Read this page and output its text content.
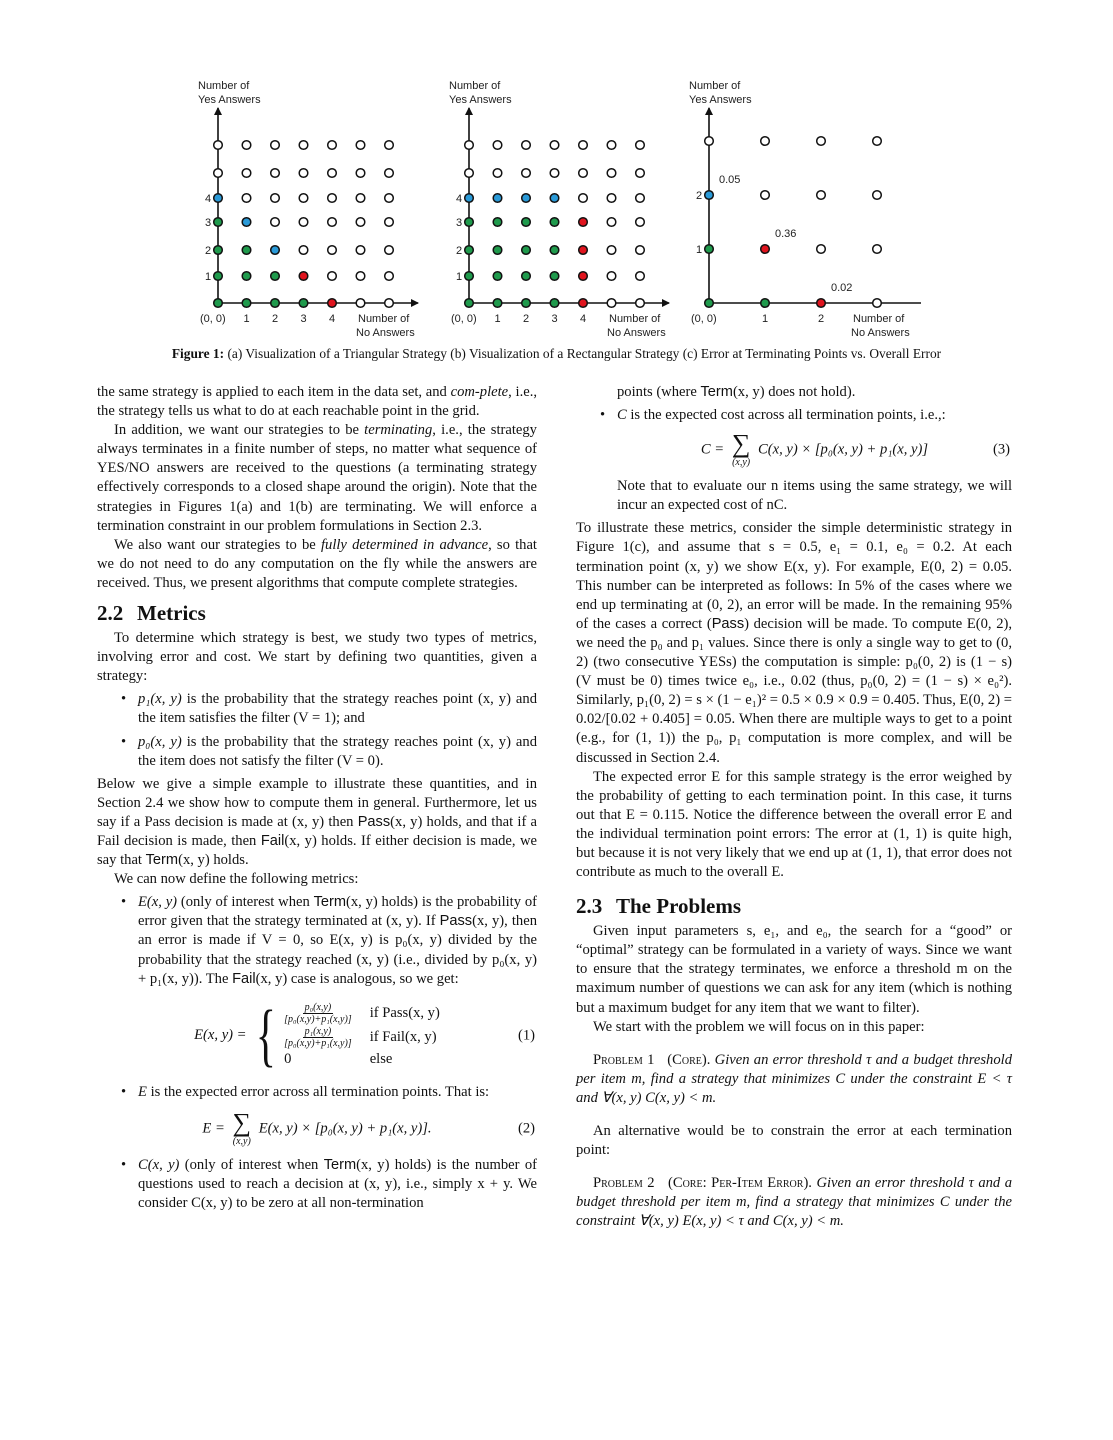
Number of
Yes Answers
Number of
No Answers
(0, 0) 1 2 3 4
1
2
3
4
Number of
Yes Answers
Number of
No Answers
(0, 0) 1 2 3 4
1
2
3
4
Number of
Yes Answers
Number of
No Answers
(0, 0)	1	2
1
2
0.05
0.36
0.02
Figure 1: (a) Visualization of a Triangular Strategy (b) Visualization of a Rectangular Strategy (c) Error at Terminating Points vs. Overall Error

the same strategy is applied to each item in the data set, and com-plete, i.e., the strategy tells us what to do at each reachable point in the grid.

In addition, we want our strategies to be terminating, i.e., the strategy always terminates in a finite number of steps, no matter what sequence of YES/NO answers are received to the questions (a terminating strategy effectively corresponds to a closed shape around the origin). Note that the strategies in Figures 1(a) and 1(b) are terminating. We will enforce a termination constraint in our problem formulations in Section 2.3.

We also want our strategies to be fully determined in advance, so that we do not need to do any computation on the fly while the answers are received. Thus, we present algorithms that compute complete strategies.

2.2 Metrics

To determine which strategy is best, we study two types of metrics, involving error and cost. We start by defining two quantities, given a strategy:

• p₁(x, y) is the probability that the strategy reaches point (x, y) and the item satisfies the filter (V = 1); and
• p₀(x, y) is the probability that the strategy reaches point (x, y) and the item does not satisfy the filter (V = 0).

Below we give a simple example to illustrate these quantities, and in Section 2.4 we show how to compute them in general. Furthermore, let us say if a Pass decision is made at (x, y) then Pass(x, y) holds, and that if a Fail decision is made, then Fail(x, y) holds. If either decision is made, we say that Term(x, y) holds.

We can now define the following metrics:

• E(x, y) (only of interest when Term(x, y) holds) is the probability of error given that the strategy terminated at (x, y). If Pass(x, y), then an error is made if V = 0, so E(x, y) is p₀(x, y) divided by the probability that the strategy reached (x, y) (i.e., divided by p₀(x, y) + p₁(x, y)). The Fail(x, y) case is analogous, so we get:
E(x, y) = { $\frac{\text{p₀(x,y)}}{\text{[p₀(x,y)+p₁(x,y)]}}$ if Pass(x, y)
$\frac{\text{p₁(x,y)}}{\text{[p₀(x,y)+p₁(x,y)]}}$ if Fail(x, y)
0	else
(1)
• E is the expected error across all termination points. That is:
E = ∑
(x,y)
E(x, y) × [p₀(x, y) + p₁(x, y)].	(2)
• C(x, y) (only of interest when Term(x, y) holds) is the number of questions used to reach a decision at (x, y), i.e., simply x + y. We consider C(x, y) to be zero at all non-termination

points (where Term(x, y) does not hold).

• C is the expected cost across all termination points, i.e.,:
C = ∑
(x,y)
C(x, y) × [p₀(x, y) + p₁(x, y)]	(3)

Note that to evaluate our n items using the same strategy, we will incur an expected cost of nC.

To illustrate these metrics, consider the simple deterministic strategy in Figure 1(c), and assume that s = 0.5, e₁ = 0.1, e₀ = 0.2. At each termination point (x, y) we show E(x, y). For example, E(0, 2) = 0.05. This number can be interpreted as follows: In 5% of the cases where we end up terminating at (0, 2), an error will be made. In the remaining 95% of the cases a correct (Pass) decision will be made. To compute E(0, 2), we need the p₀ and p₁ values. Since there is only a single way to get to (0, 2) (two consecutive YESs) the computation is simple: p₀(0, 2) is (1 − s) (V must be 0) times twice e₀, i.e., 0.02 (thus, p₀(0, 2) = (1 − s) × e₀²). Similarly, p₁(0, 2) = s × (1 − e₁)² = 0.5 × 0.9 × 0.9 = 0.405. Thus, E(0, 2) = 0.02/[0.02 + 0.405] = 0.05. When there are multiple ways to get to a point (e.g., for (1, 1)) the p₀, p₁ computation is more complex, and will be discussed in Section 2.4.

The expected error E for this sample strategy is the error weighed by the probability of getting to each termination point. In this case, it turns out that E = 0.115. Notice the difference between the overall error E and the individual termination point errors: The error at (1, 1) is quite high, but because it is not very likely that we end up at (1, 1), that error does not contribute as much to the overall E.

2.3 The Problems

Given input parameters s, e₁, and e₀, the search for a “good” or “optimal” strategy can be formulated in a variety of ways. Since we want to ensure that the strategy terminates, we enforce a threshold m on the maximum number of questions we can ask for any item (which is nothing but a maximum budget for any item that we want to filter).

We start with the problem we will focus on in this paper:

Problem 1 (Core). Given an error threshold τ and a budget threshold per item m, find a strategy that minimizes C under the constraint E < τ and ∀(x, y) C(x, y) < m.

An alternative would be to constrain the error at each termination point:

Problem 2 (Core: Per-Item Error). Given an error threshold τ and a budget threshold per item m, find a strategy that minimizes C under the constraint ∀(x, y) E(x, y) < τ and C(x, y) < m.
